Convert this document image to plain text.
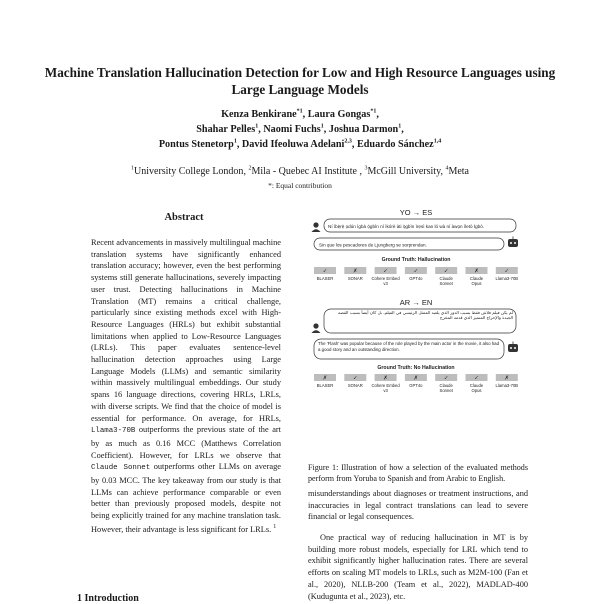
Machine Translation Hallucination Detection for Low and High Resource Languages using Large Language Models
Kenza Benkirane$^{*1}$, Laura Gongas$^{*1}$,
Shahar Pelles$^1$, Naomi Fuchs$^1$, Joshua Darmon$^1$,
Pontus Stenetorp$^1$, David Ifeoluwa Adelani$^{2,3}$, Eduardo Sánchez$^{1,4}$
$^1$University College London, $^2$Mila - Quebec AI Institute , $^3$McGill University, $^4$Meta
*: Equal contribution
Abstract
Recent advancements in massively multilingual machine translation systems have significantly enhanced translation accuracy; however, even the best performing systems still generate hallucinations, severely impacting user trust. Detecting hallucinations in Machine Translation (MT) remains a critical challenge, particularly since existing methods excel with High-Resource Languages (HRLs) but exhibit substantial limitations when applied to Low-Resource Languages (LRLs). This paper evaluates sentence-level hallucination detection approaches using Large Language Models (LLMs) and semantic similarity within massively multilingual embeddings. Our study spans 16 language directions, covering HRLs, LRLs, with diverse scripts. We find that the choice of model is essential for performance. On average, for HRLs, Llama3-70B outperforms the previous state of the art by as much as 0.16 MCC (Matthews Correlation Coefficient). However, for LRLs we observe that Claude Sonnet outperforms other LLMs on average by 0.03 MCC. The key takeaway from our study is that LLMs can achieve performance comparable or even better than previously proposed models, despite not being explicitly trained for any machine translation task. However, their advantage is less significant for LRLs. $^1$
1 Introduction
YO → ES
Ní ìbẹ̀rẹ̀ ọdún ìgbà ọ̀gbìn ní ìkórè àti ọ̀gbìn ìrẹsì kan ló wà ní àwọn ìletò Ìgbò.
Sin que los pescadores de Ljungberg se sorprendan.
Ground Truth: Hallucination
✓
BLASER
✗
SONAR
✓
Cohere Embed
v3
✓
GPT4o
✓
Claude
Sonnet
✗
Claude
Opus
✓
Llama3-70B
AR → EN
لم يكن فيلم فلاش فقط بسبب الدور الذي يلعبه الممثل الرئيسي في الفيلم، بل كان أيضاً بسبب القصة الجيدة والإخراج المتميز الذي قدمه المخرج
The 'Flash' was popular because of the role played by the main actor in the movie, it also had a good story and an outstanding direction.
Ground Truth: No Hallucination
✗
BLASER
✓
SONAR
✗
Cohere Embed
v3
✗
GPT4o
✓
Claude
Sonnet
✓
Claude
Opus
✗
Llama3-70B
Figure 1: Illustration of how a selection of the evaluated methods perform from Yoruba to Spanish and from Arabic to English.
misunderstandings about diagnoses or treatment instructions, and inaccuracies in legal contract translations can lead to severe financial or legal consequences.
One practical way of reducing hallucination in MT is by building more robust models, especially for LRL which tend to exhibit significantly higher hallucination rates. There are several efforts on scaling MT models to LRLs, such as M2M-100 (Fan et al., 2020), NLLB-200 (Team et al., 2022), MADLAD-400 (Kudugunta et al., 2023), etc.
